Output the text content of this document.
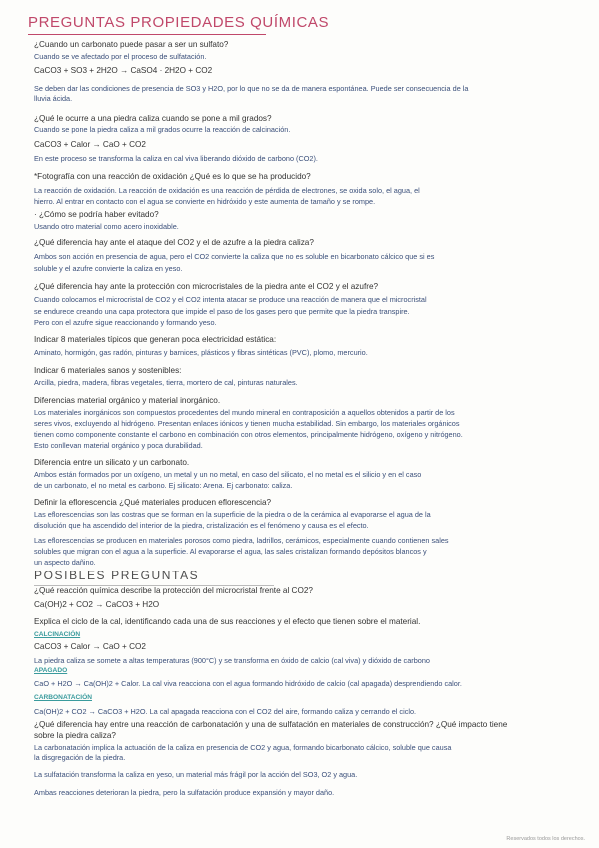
PREGUNTAS PROPIEDADES QUÍMICAS
¿Cuando un carbonato puede pasar a ser un sulfato?
Cuando se ve afectado por el proceso de sulfatación.
CaCO3 + SO3 + 2H2O → CaSO4 · 2H2O + CO2
Se deben dar las condiciones de presencia de SO3 y H2O, por lo que no se da de manera espontánea. Puede ser consecuencia de la
lluvia ácida.
¿Qué le ocurre a una piedra caliza cuando se pone a mil grados?
Cuando se pone la piedra caliza a mil grados ocurre la reacción de calcinación.
CaCO3 + Calor → CaO + CO2
En este proceso se transforma la caliza en cal viva liberando dióxido de carbono (CO2).
*Fotografía con una reacción de oxidación ¿Qué es lo que se ha producido?
La reacción de oxidación. La reacción de oxidación es una reacción de pérdida de electrones, se oxida solo, el agua, el
hierro. Al entrar en contacto con el agua se convierte en hidróxido y este aumenta de tamaño y se rompe.
· ¿Cómo se podría haber evitado?
Usando otro material como acero inoxidable.
¿Qué diferencia hay ante el ataque del CO2 y el de azufre a la piedra caliza?
Ambos son acción en presencia de agua, pero el CO2 convierte la caliza que no es soluble en bicarbonato cálcico que si es
soluble y el azufre convierte la caliza en yeso.
¿Qué diferencia hay ante la protección con microcristales de la piedra ante el CO2 y el azufre?
Cuando colocamos el microcristal de CO2 y el CO2 intenta atacar se produce una reacción de manera que el microcristal
se endurece creando una capa protectora que impide el paso de los gases pero que permite que la piedra transpire.
Pero con el azufre sigue reaccionando y formando yeso.
Indicar 8 materiales típicos que generan poca electricidad estática:
Aminato, hormigón, gas radón, pinturas y barnices, plásticos y fibras sintéticas (PVC), plomo, mercurio.
Indicar 6 materiales sanos y sostenibles:
Arcilla, piedra, madera, fibras vegetales, tierra, mortero de cal, pinturas naturales.
Diferencias material orgánico y material inorgánico.
Los materiales inorgánicos son compuestos procedentes del mundo mineral en contraposición a aquellos obtenidos a partir de los
seres vivos, excluyendo al hidrógeno. Presentan enlaces iónicos y tienen mucha estabilidad. Sin embargo, los materiales orgánicos
tienen como componente constante el carbono en combinación con otros elementos, principalmente hidrógeno, oxígeno y nitrógeno.
Esto conllevan material orgánico y poca durabilidad.
Diferencia entre un silicato y un carbonato.
Ambos están formados por un oxígeno, un metal y un no metal, en caso del silicato, el no metal es el silicio y en el caso
de un carbonato, el no metal es carbono. Ej silicato: Arena. Ej carbonato: caliza.
Definir la eflorescencia ¿Qué materiales producen eflorescencia?
Las eflorescencias son las costras que se forman en la superficie de la piedra o de la cerámica al evaporarse el agua de la
disolución que ha ascendido del interior de la piedra, cristalización es el fenómeno y causa es el efecto.
Las eflorescencias se producen en materiales porosos como piedra, ladrillos, cerámicos, especialmente cuando contienen sales
solubles que migran con el agua a la superficie. Al evaporarse el agua, las sales cristalizan formando depósitos blancos y
un aspecto dañino.
POSIBLES PREGUNTAS
¿Qué reacción química describe la protección del microcristal frente al CO2?
Ca(OH)2 + CO2 → CaCO3 + H2O
Explica el ciclo de la cal, identificando cada una de sus reacciones y el efecto que tienen sobre el material.
CALCINACIÓN
CaCO3 + Calor → CaO + CO2
La piedra caliza se somete a altas temperaturas (900°C) y se transforma en óxido de calcio (cal viva) y dióxido de carbono
APAGADO
CaO + H2O → Ca(OH)2 + Calor. La cal viva reacciona con el agua formando hidróxido de calcio (cal apagada) desprendiendo calor.
CARBONATACIÓN
Ca(OH)2 + CO2 → CaCO3 + H2O. La cal apagada reacciona con el CO2 del aire, formando caliza y cerrando el ciclo.
¿Qué diferencia hay entre una reacción de carbonatación y una de sulfatación en materiales de construcción? ¿Qué impacto tiene
sobre la piedra caliza?
La carbonatación implica la actuación de la caliza en presencia de CO2 y agua, formando bicarbonato cálcico, soluble que causa
la disgregación de la piedra.
La sulfatación transforma la caliza en yeso, un material más frágil por la acción del SO3, O2 y agua.
Ambas reacciones deterioran la piedra, pero la sulfatación produce expansión y mayor daño.
Reservados todos los derechos.
